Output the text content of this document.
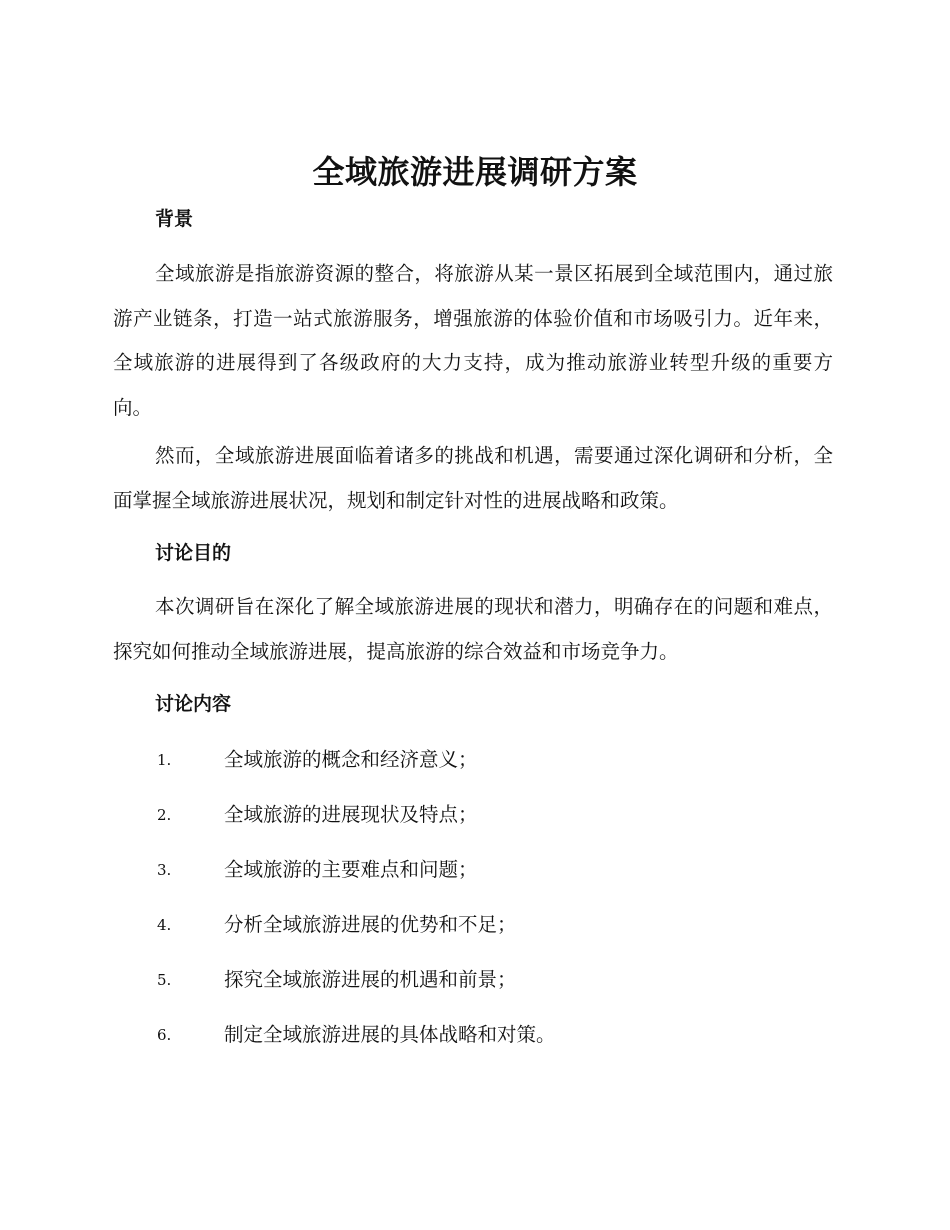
全域旅游进展调研方案
背景

全域旅游是指旅游资源的整合，将旅游从某一景区拓展到全域范围内，通过旅游产业链条，打造一站式旅游服务，增强旅游的体验价值和市场吸引力。近年来，全域旅游的进展得到了各级政府的大力支持，成为推动旅游业转型升级的重要方向。

然而，全域旅游进展面临着诸多的挑战和机遇，需要通过深化调研和分析，全面掌握全域旅游进展状况，规划和制定针对性的进展战略和政策。

讨论目的

本次调研旨在深化了解全域旅游进展的现状和潜力，明确存在的问题和难点，探究如何推动全域旅游进展，提高旅游的综合效益和市场竞争力。

讨论内容
1.	全域旅游的概念和经济意义；
2.	全域旅游的进展现状及特点；
3.	全域旅游的主要难点和问题；
4.	分析全域旅游进展的优势和不足；
5.	探究全域旅游进展的机遇和前景；
6.	制定全域旅游进展的具体战略和对策。
